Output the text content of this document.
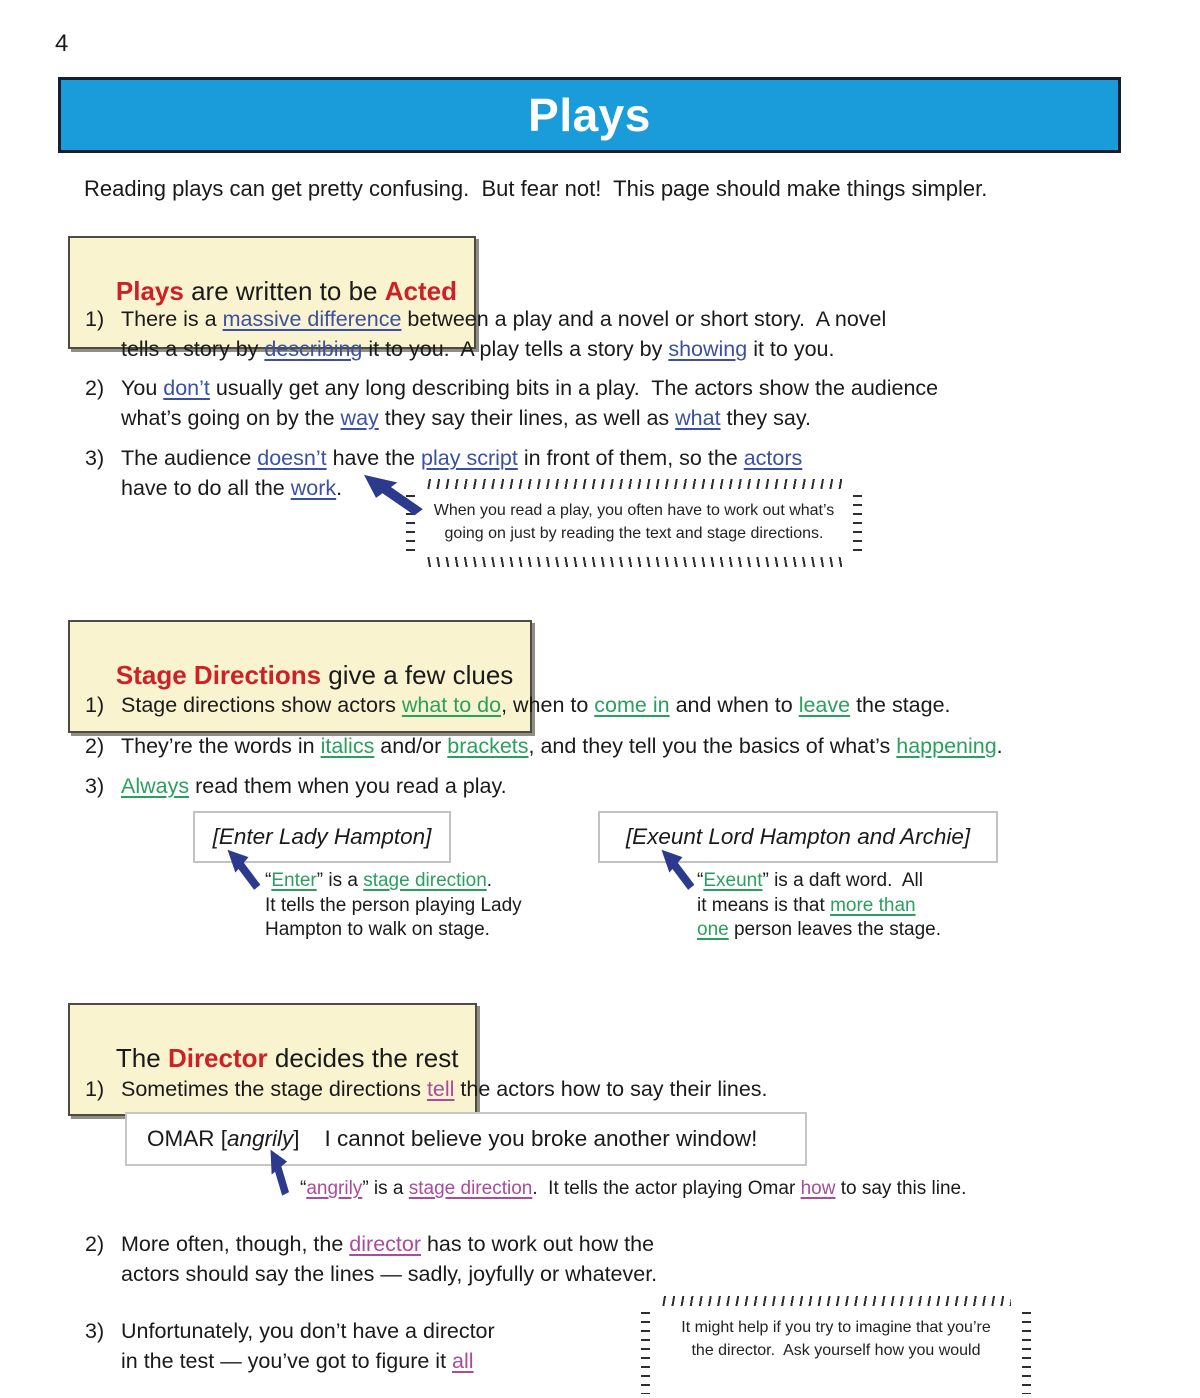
4
Plays
Reading plays can get pretty confusing.  But fear not!  This page should make things simpler.

Plays are written to be Acted

1) There is a massive difference between a play and a novel or short story.  A novel
tells a story by describing it to you.  A play tells a story by showing it to you.
2) You don’t usually get any long describing bits in a play.  The actors show the audience
what’s going on by the way they say their lines, as well as what they say.
3) The audience doesn’t have the play script in front of them, so the actors
have to do all the work.
When you read a play, you often have to work out what’s
going on just by reading the text and stage directions.

Stage Directions give a few clues

1) Stage directions show actors what to do, when to come in and when to leave the stage.
2) They’re the words in italics and/or brackets, and they tell you the basics of what’s happening.
3) Always read them when you read a play.
[Enter Lady Hampton]	[Exeunt Lord Hampton and Archie]
“Enter” is a stage direction.
It tells the person playing Lady
Hampton to walk on stage.
“Exeunt” is a daft word.  All
it means is that more than
one person leaves the stage.

The Director decides the rest

1) Sometimes the stage directions tell the actors how to say their lines.
OMAR [angrily]    I cannot believe you broke another window!
“angrily” is a stage direction.  It tells the actor playing Omar how to say this line.
2) More often, though, the director has to work out how the
actors should say the lines — sadly, joyfully or whatever.
3) Unfortunately, you don’t have a director
in the test — you’ve got to figure it all
It might help if you try to imagine that you’re
the director.  Ask yourself how you would
